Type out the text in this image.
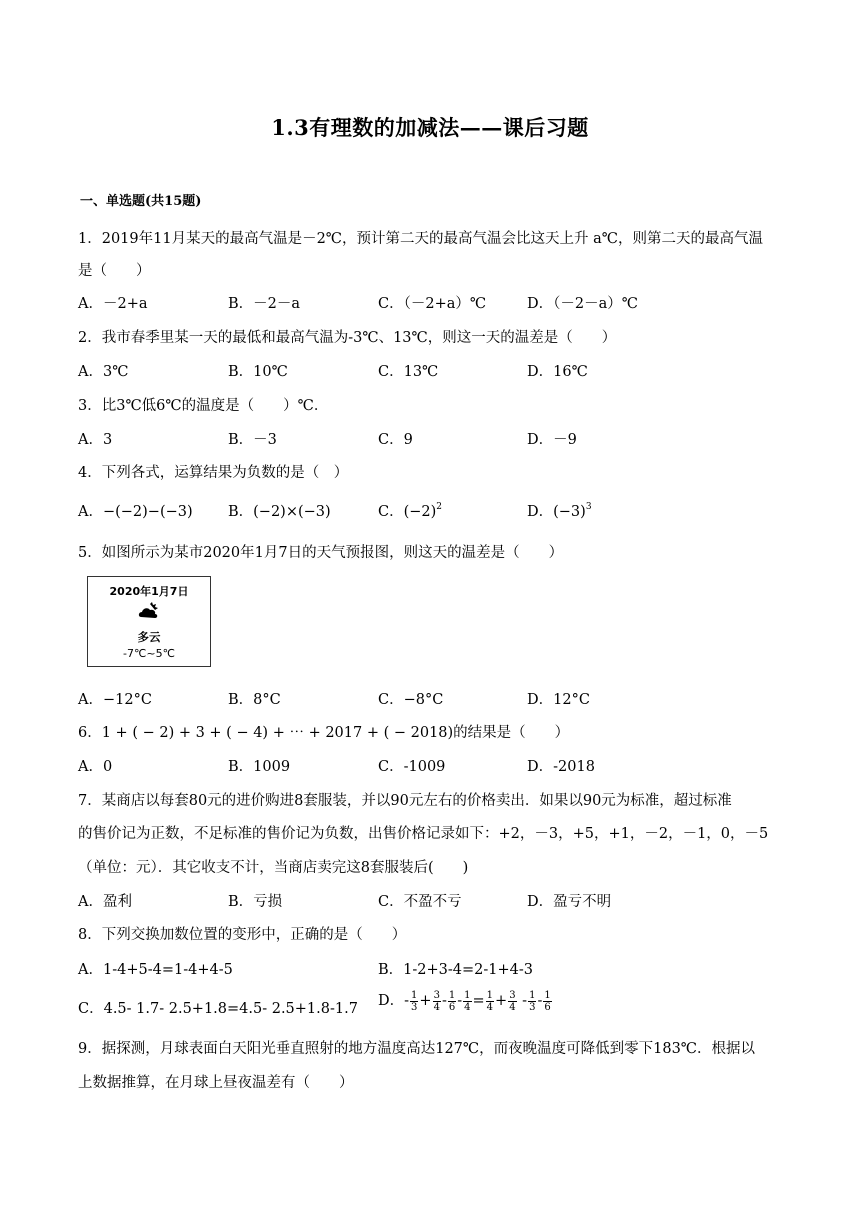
1.3有理数的加减法——课后习题
一、单选题(共15题)
1．2019年11月某天的最高气温是－2℃，预计第二天的最高气温会比这天上升 a℃，则第二天的最高气温
是（　　）
A．－2+a	B．－2－a	C．（－2+a）℃	D．（－2－a）℃
2．我市春季里某一天的最低和最高气温为-3℃、13℃，则这一天的温差是（　　）
A．3℃	B．10℃	C．13℃	D．16℃
3．比3℃低6℃的温度是（　　）℃．
A．3	B．－3	C．9	D．－9
4．下列各式，运算结果为负数的是（　）
A．−(−2)−(−3) B．(−2)×(−3)	C．$(-2)^2$	D．$(-3)^3$
5．如图所示为某市2020年1月7日的天气预报图，则这天的温差是（　　）
2020年1月7日
多云
-7℃~5℃
A．−12°C	B．8°C	C．−8°C	D．12°C
6．1 + ( − 2) + 3 + ( − 4) + ⋯ + 2017 + ( − 2018)的结果是（　　）
A．0	B．1009	C．-1009	D．-2018
7．某商店以每套80元的进价购进8套服装，并以90元左右的价格卖出．如果以90元为标准，超过标准
的售价记为正数，不足标准的售价记为负数，出售价格记录如下：+2，－3，+5，+1，－2，－1，0，－5
（单位：元）．其它收支不计，当商店卖完这8套服装后(　　)
A．盈利	B．亏损	C．不盈不亏	D．盈亏不明
8．下列交换加数位置的变形中，正确的是（　　）
A．1-4+5-4=1-4+4-5	B．1-2+3-4=2-1+4-3
C．4.5- 1.7- 2.5+1.8=4.5- 2.5+1.8-1.7 D．- $\frac{1}{3} + \frac{3}{4} - \frac{1}{6} - \frac{1}{4} = \frac{1}{4} + \frac{3}{4} - \frac{1}{3} - \frac{1}{6}$
9．据探测，月球表面白天阳光垂直照射的地方温度高达127℃，而夜晚温度可降低到零下183℃．根据以
上数据推算，在月球上昼夜温差有（　　）
